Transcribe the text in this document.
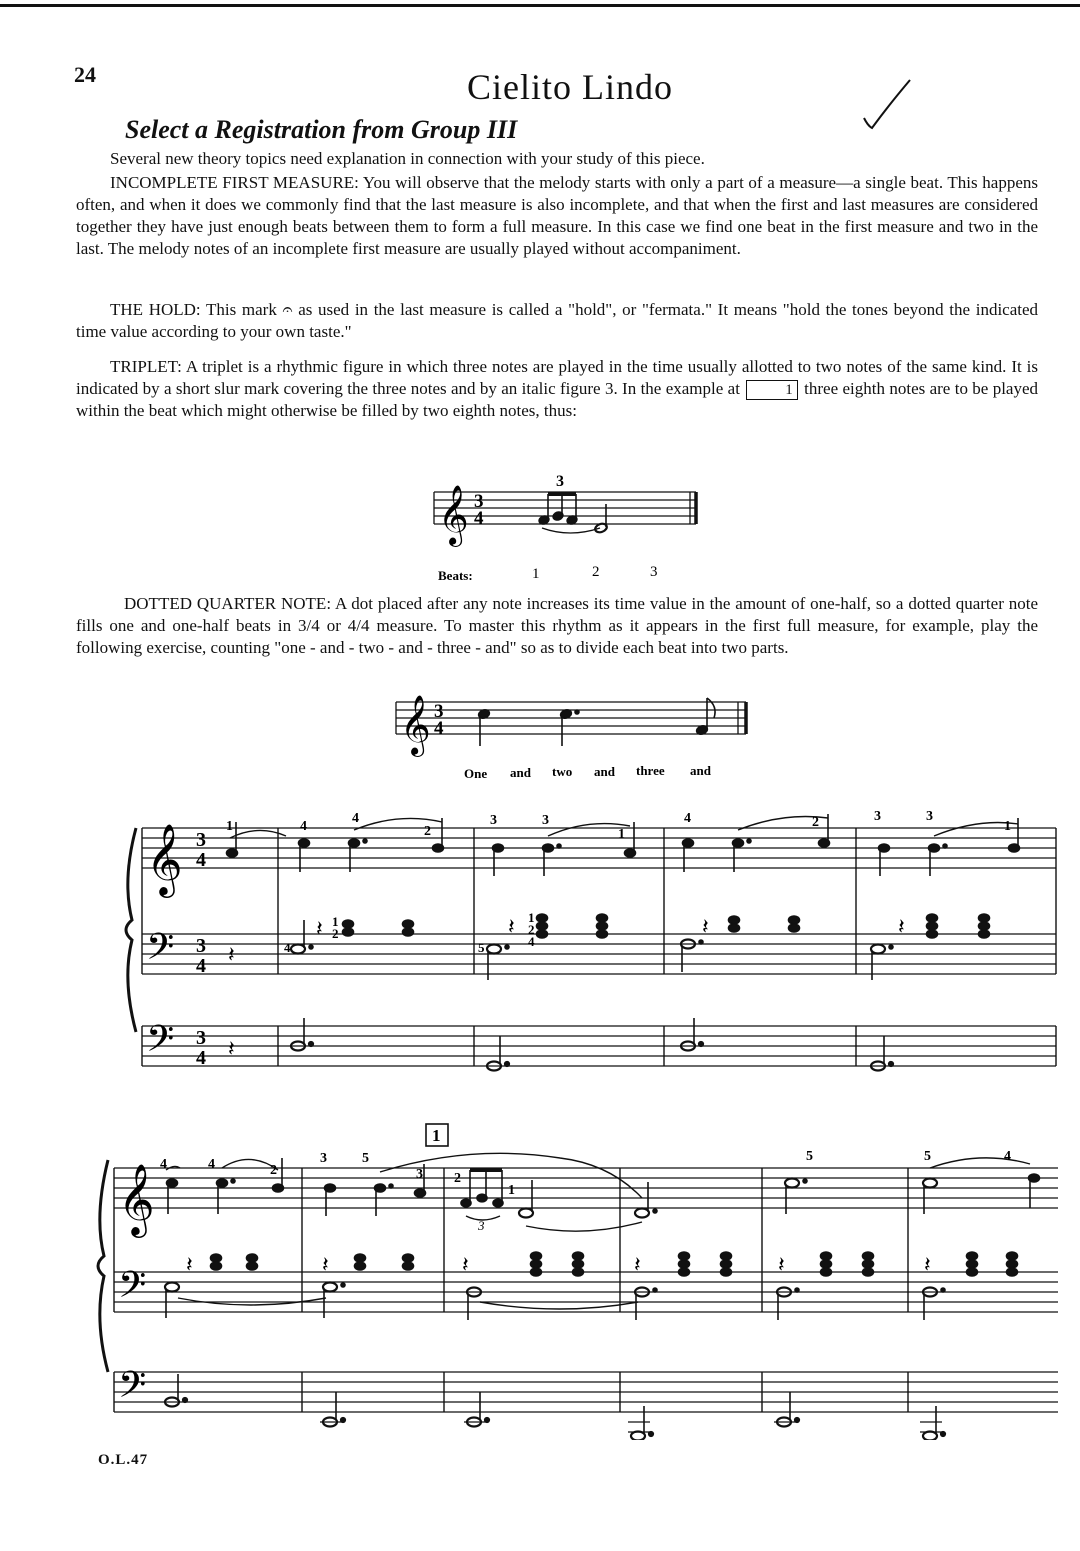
24	Cielito Lindo
Select a Registration from Group III
Several new theory topics need explanation in connection with your study of this piece.
INCOMPLETE FIRST MEASURE: You will observe that the melody starts with only a part of a measure—a single beat. This happens often, and when it does we commonly find that the last measure is also incomplete, and that when the first and last measures are considered together they have just enough beats between them to form a full measure. In this case we find one beat in the first measure and two in the last. The melody notes of an incomplete first measure are usually played without accompaniment.
THE HOLD: This mark 𝄐 as used in the last measure is called a "hold", or "fermata." It means "hold the tones beyond the indicated time value according to your own taste."
TRIPLET: A triplet is a rhythmic figure in which three notes are played in the time usually allotted to two notes of the same kind. It is indicated by a short slur mark covering the three notes and by an italic figure 3. In the example at	1 three eighth notes are to be played within the beat which might otherwise be filled by two eighth notes, thus:
𝄞 3
4
3
Beats:	1	2	3
DOTTED QUARTER NOTE: A dot placed after any note increases its time value in the amount of one-half, so a dotted quarter note fills one and one-half beats in 3/4 or 4/4 measure. To master this rhythm as it appears in the first full measure, for example, play the following exercise, counting "one - and - two - and - three - and" so as to divide each beat into two parts.
𝄞 3
4
One and two and three and
𝄞
𝄢
𝄢
3
4
3
4
3
4
1	4
4
2
3	3
1
4	2	3	3
1
𝄽
𝄽	𝄽	𝄽	𝄽
𝄽
1
2
4	5
1
2
4
1
𝄞
𝄢
𝄢
3
4	4	2
3	5
3 2
1
5	5	4
𝄽	𝄽	𝄽	𝄽	𝄽	𝄽
O.L.47
